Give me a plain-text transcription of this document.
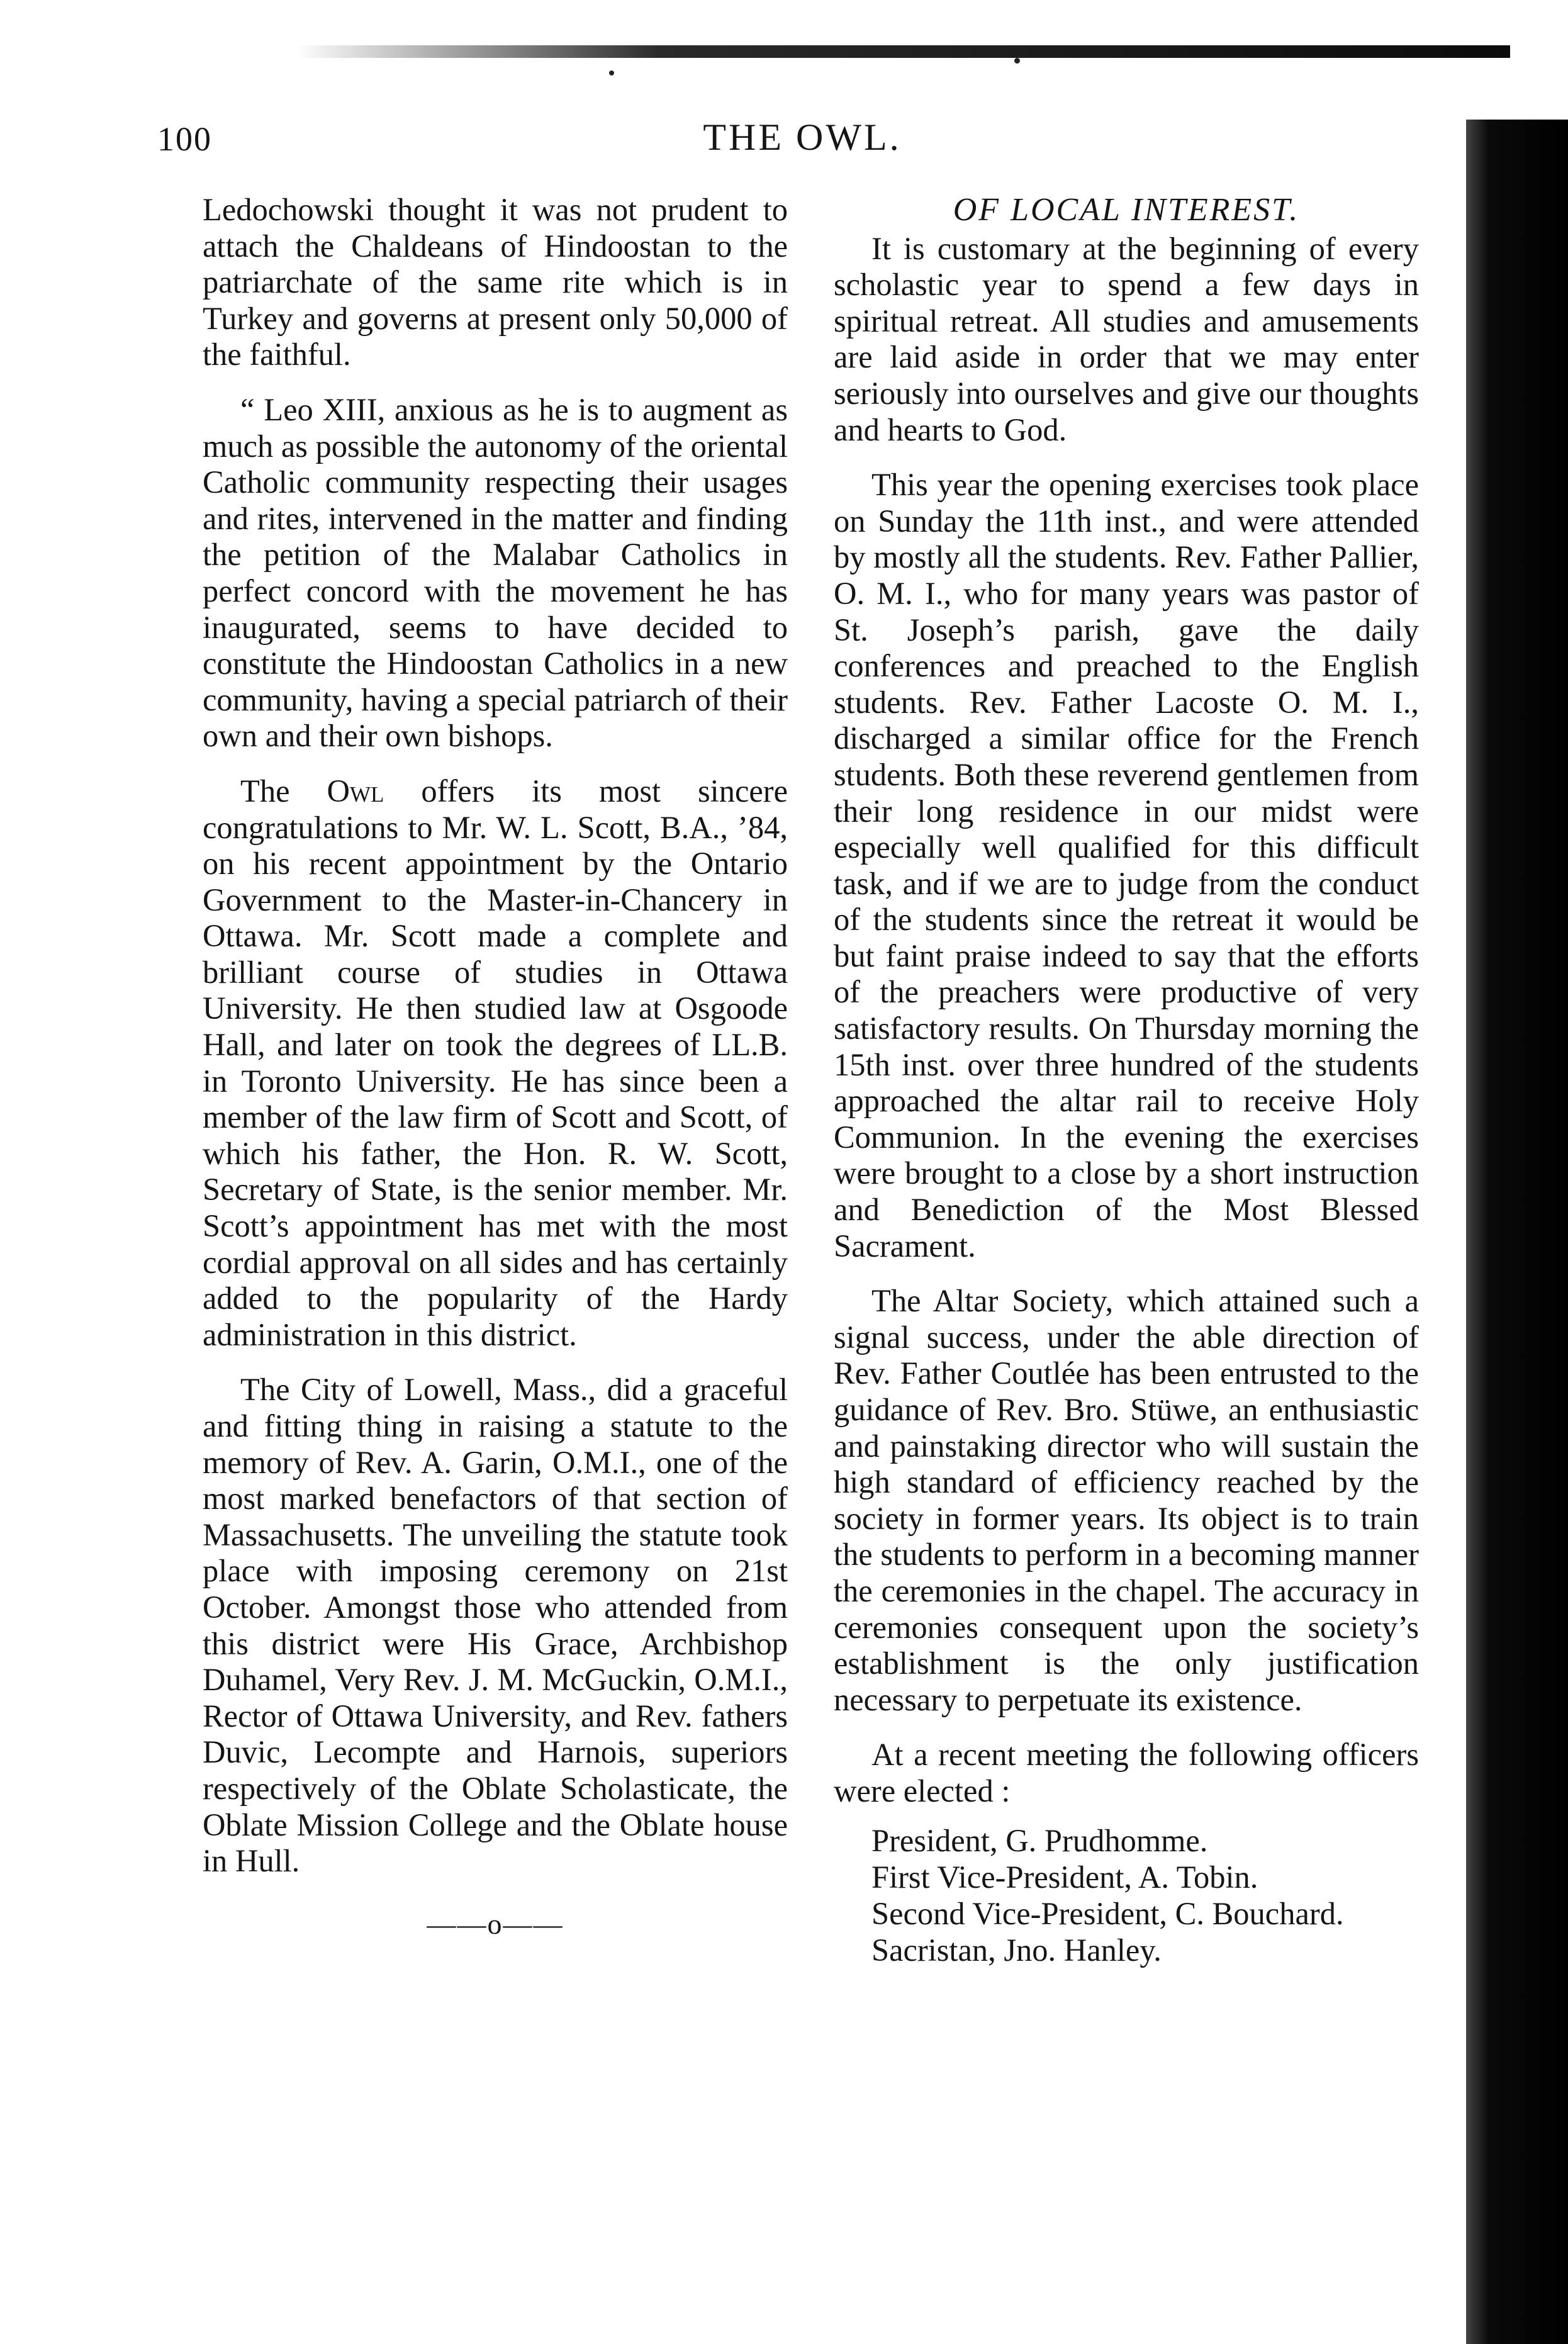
100	THE OWL.

Ledochowski thought it was not prudent to attach the Chaldeans of Hindoostan to the patriarchate of the same rite which is in Turkey and governs at present only 50,000 of the faithful.

“ Leo XIII, anxious as he is to augment as much as possible the autonomy of the oriental Catholic community respecting their usages and rites, intervened in the matter and finding the petition of the Malabar Catholics in perfect concord with the movement he has inaugurated, seems to have decided to constitute the Hindoostan Catholics in a new community, having a special patriarch of their own and their own bishops.

The Owl offers its most sincere congratulations to Mr. W. L. Scott, B.A., ’84, on his recent appointment by the Ontario Government to the Master-in-Chancery in Ottawa. Mr. Scott made a complete and brilliant course of studies in Ottawa University. He then studied law at Osgoode Hall, and later on took the degrees of LL.B. in Toronto University. He has since been a member of the law firm of Scott and Scott, of which his father, the Hon. R. W. Scott, Secretary of State, is the senior member. Mr. Scott’s appointment has met with the most cordial approval on all sides and has certainly added to the popularity of the Hardy administration in this district.

The City of Lowell, Mass., did a graceful and fitting thing in raising a statute to the memory of Rev. A. Garin, O.M.I., one of the most marked benefactors of that section of Massachusetts. The unveiling the statute took place with imposing ceremony on 21st October. Amongst those who attended from this district were His Grace, Archbishop Duhamel, Very Rev. J. M. McGuckin, O.M.I., Rector of Ottawa University, and Rev. fathers Duvic, Lecompte and Harnois, superiors respectively of the Oblate Scholasticate, the Oblate Mission College and the Oblate house in Hull.

——o——
OF LOCAL INTEREST.

It is customary at the beginning of every scholastic year to spend a few days in spiritual retreat. All studies and amusements are laid aside in order that we may enter seriously into ourselves and give our thoughts and hearts to God.

This year the opening exercises took place on Sunday the 11th inst., and were attended by mostly all the students. Rev. Father Pallier, O. M. I., who for many years was pastor of St. Joseph’s parish, gave the daily conferences and preached to the English students. Rev. Father Lacoste O. M. I., discharged a similar office for the French students. Both these reverend gentlemen from their long residence in our midst were especially well qualified for this difficult task, and if we are to judge from the conduct of the students since the retreat it would be but faint praise indeed to say that the efforts of the preachers were productive of very satisfactory results. On Thursday morning the 15th inst. over three hundred of the students approached the altar rail to receive Holy Communion. In the evening the exercises were brought to a close by a short instruction and Benediction of the Most Blessed Sacrament.

The Altar Society, which attained such a signal success, under the able direction of Rev. Father Coutlée has been entrusted to the guidance of Rev. Bro. Stüwe, an enthusiastic and painstaking director who will sustain the high standard of efficiency reached by the society in former years. Its object is to train the students to perform in a becoming manner the ceremonies in the chapel. The accuracy in ceremonies consequent upon the society’s establishment is the only justification necessary to perpetuate its existence.

At a recent meeting the following officers were elected :

President, G. Prudhomme.

First Vice-President, A. Tobin.

Second Vice-President, C. Bouchard.

Sacristan, Jno. Hanley.
